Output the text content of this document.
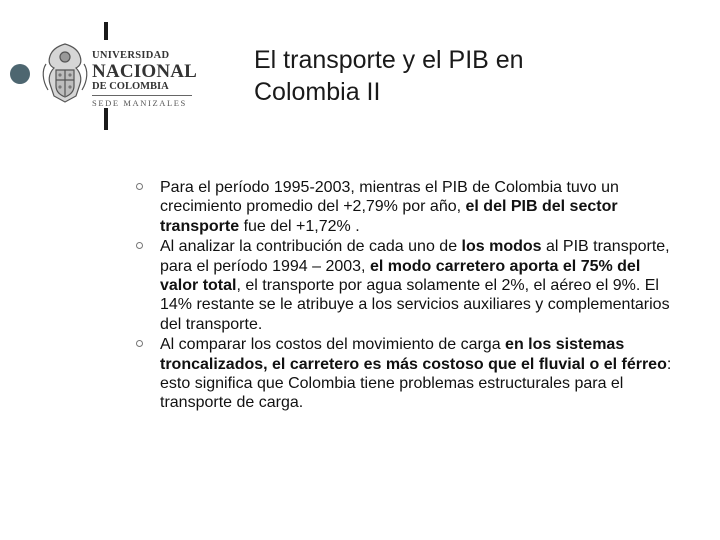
UNIVERSIDAD
NACIONAL
DE COLOMBIA
SEDE MANIZALES
El transporte y el PIB en
Colombia II
Para el período 1995-2003, mientras el PIB de Colombia tuvo un crecimiento promedio del +2,79% por año, el del PIB del sector transporte fue del +1,72% .
Al analizar la contribución de cada uno de los modos al PIB transporte, para el período 1994 – 2003, el modo carretero aporta el 75% del valor total, el transporte por agua solamente el 2%, el aéreo el 9%. El 14% restante se le atribuye a los servicios auxiliares y complementarios del transporte.
Al comparar los costos del movimiento de carga en los sistemas troncalizados, el carretero es más costoso que el fluvial o el férreo: esto significa que Colombia tiene problemas estructurales para el transporte de carga.
